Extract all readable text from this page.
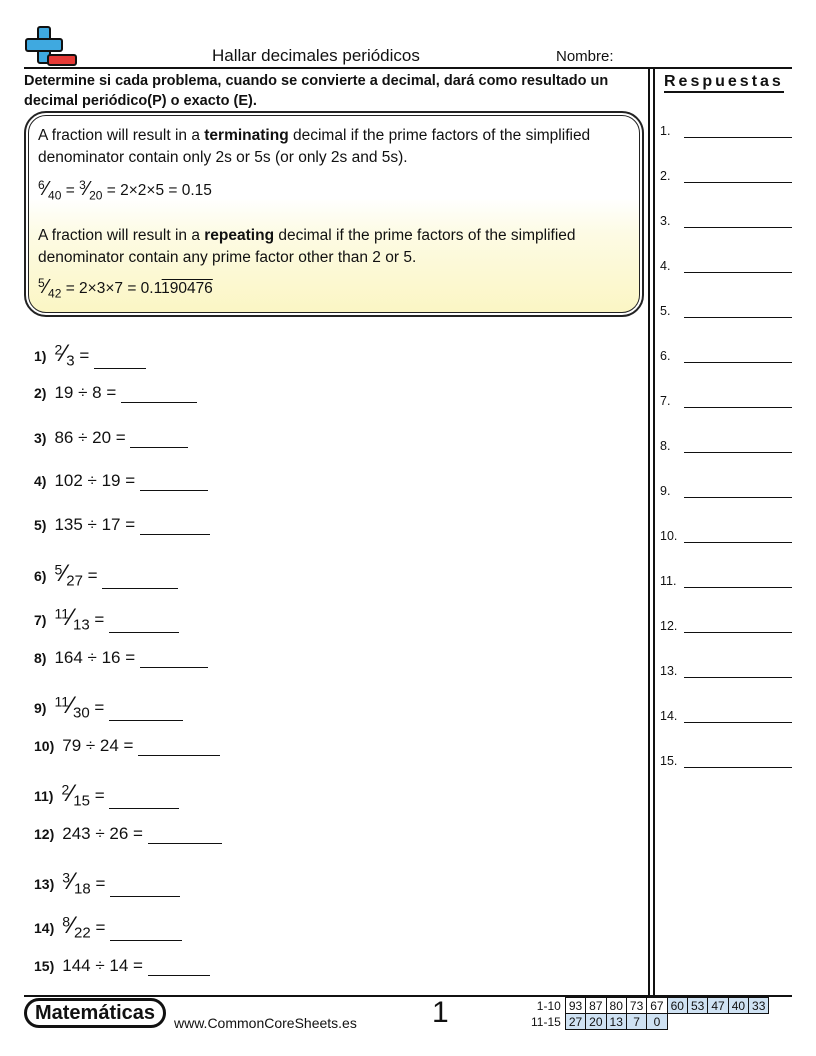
Hallar decimales periódicos	Nombre:
Determine si cada problema, cuando se convierte a decimal, dará como resultado un decimal periódico(P) o exacto (E).
Respuestas
A fraction will result in a terminating decimal if the prime factors of the simplified denominator contain only 2s or 5s (or only 2s and 5s).
$^6⁄_{40}$ = $^3⁄_{20} = 2\times 2\times 5 = 0.15$
A fraction will result in a repeating decimal if the prime factors of the simplified denominator contain any prime factor other than 2 or 5.
$^5⁄_{42} = 2\times 3\times 7 = 0.1190476$
1) $^2⁄_3$ =
2) 19 ÷ 8 =
3) 86 ÷ 20 =
4) 102 ÷ 19 =
5) 135 ÷ 17 =
6) $^5⁄_{27}$ =
7) $^{11}⁄_{13}$ =
8) 164 ÷ 16 =
9) $^{11}⁄_{30}$ =
10) 79 ÷ 24 =
11) $^2⁄_{15}$ =
12) 243 ÷ 26 =
13) $^3⁄_{18}$ =
14) $^8⁄_{22}$ =
15) 144 ÷ 14 =
1.
2.
3.
4.
5.
6.
7.
8.
9.
10.
11.
12.
13.
14.
15.
Matemáticas	www.CommonCoreSheets.es	1	1-10	93	87	80	73	67	60	53	47	40	33
11-15	27	20	13	7	0					
